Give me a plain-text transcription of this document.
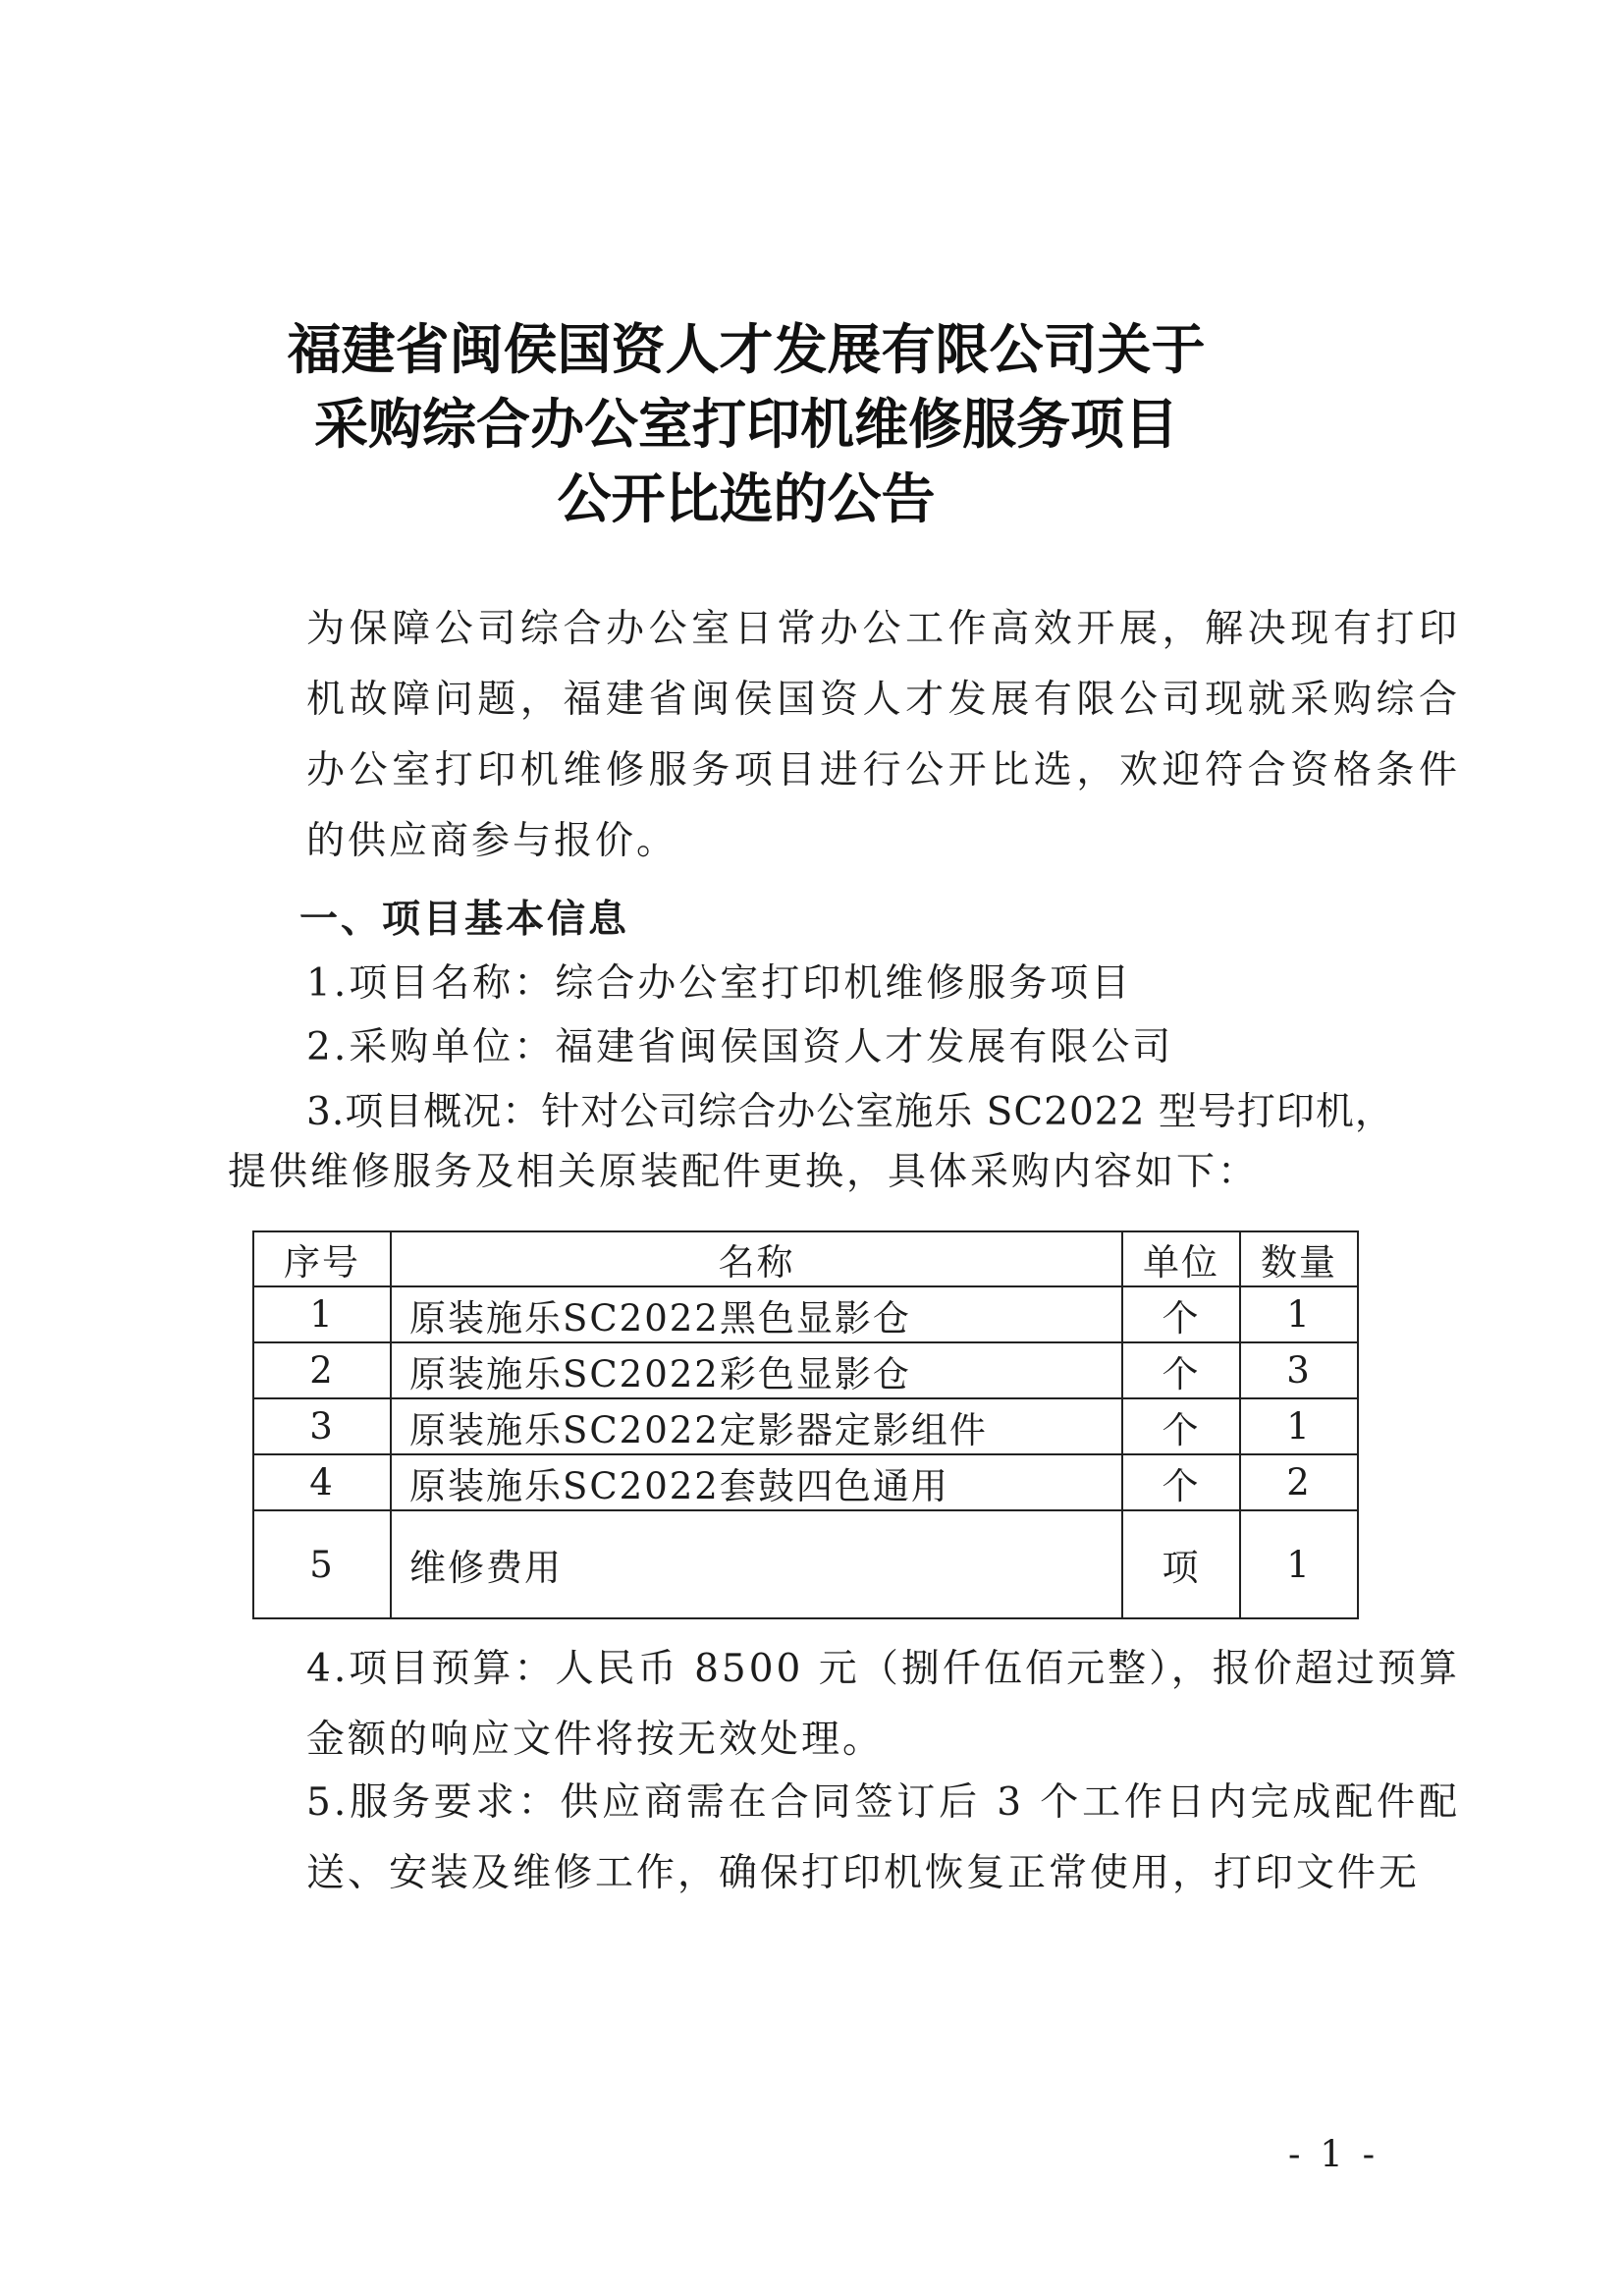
福建省闽侯国资人才发展有限公司关于
采购综合办公室打印机维修服务项目
公开比选的公告
为保障公司综合办公室日常办公工作高效开展，解决现有打印机故障问题，福建省闽侯国资人才发展有限公司现就采购综合办公室打印机维修服务项目进行公开比选，欢迎符合资格条件的供应商参与报价。
一、项目基本信息
1.项目名称：综合办公室打印机维修服务项目
2.采购单位：福建省闽侯国资人才发展有限公司
3.项目概况：针对公司综合办公室施乐 SC2022 型号打印机，
提供维修服务及相关原装配件更换，具体采购内容如下：
序号	名称	单位	数量
1	原装施乐SC2022黑色显影仓	个	1
2	原装施乐SC2022彩色显影仓	个	3
3	原装施乐SC2022定影器定影组件	个	1
4	原装施乐SC2022套鼓四色通用	个	2
5	维修费用	项	1
4.项目预算：人民币 8500 元（捌仟伍佰元整），报价超过预算金额的响应文件将按无效处理。
5.服务要求：供应商需在合同签订后 3 个工作日内完成配件配送、安装及维修工作，确保打印机恢复正常使用，打印文件无
- 1 -
